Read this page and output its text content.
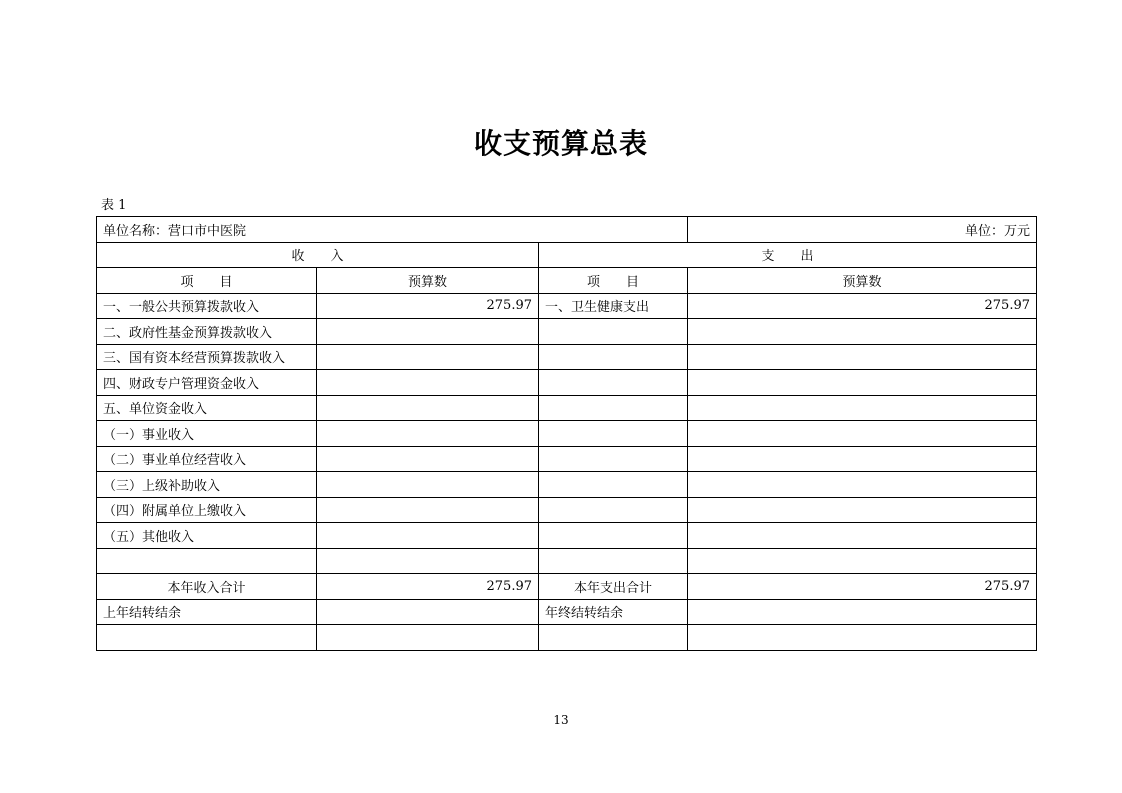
收支预算总表
表 1
单位名称：营口市中医院			单位：万元
收　　入		支　　出	
项　　目	预算数	项　　目	预算数
一、一般公共预算拨款收入	275.97	一、卫生健康支出	275.97
二、政府性基金预算拨款收入			
三、国有资本经营预算拨款收入			
四、财政专户管理资金收入			
五、单位资金收入			
（一）事业收入			
（二）事业单位经营收入			
（三）上级补助收入			
（四）附属单位上缴收入			
（五）其他收入			

本年收入合计	275.97	本年支出合计	275.97
上年结转结余		年终结转结余	

13
